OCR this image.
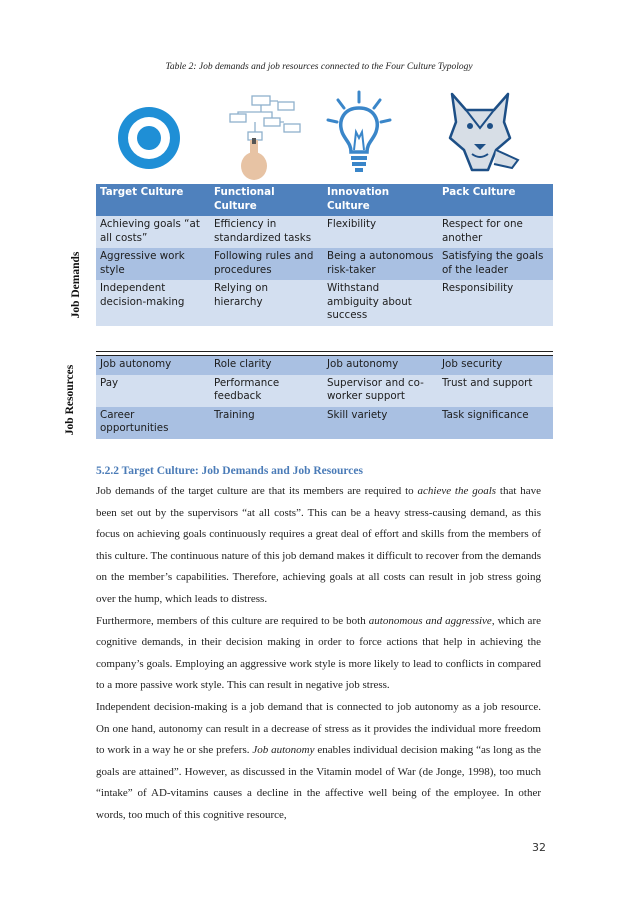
Table 2: Job demands and job resources connected to the Four Culture Typology
Target Culture	Functional Culture	Innovation Culture	Pack Culture
Achieving goals “at all costs”	Efficiency in standardized tasks	Flexibility	Respect for one another
Aggressive work style	Following rules and procedures	Being a autonomous risk-taker	Satisfying the goals of the leader
Independent decision-making	Relying on hierarchy	Withstand ambiguity about success	Responsibility
Job autonomy	Role clarity	Job autonomy	Job security
Pay	Performance feedback	Supervisor and co-worker support	Trust and support
Career opportunities	Training	Skill variety	Task significance
Job Demands
Job Resources
5.2.2 Target Culture: Job Demands and Job Resources

Job demands of the target culture are that its members are required to achieve the goals that have been set out by the supervisors “at all costs”. This can be a heavy stress-causing demand, as this focus on achieving goals continuously requires a great deal of effort and skills from the members of this culture. The continuous nature of this job demand makes it difficult to recover from the demands on the member’s capabilities. Therefore, achieving goals at all costs can result in job stress going over the hump, which leads to distress.

Furthermore, members of this culture are required to be both autonomous and aggressive, which are cognitive demands, in their decision making in order to force actions that help in achieving the company’s goals. Employing an aggressive work style is more likely to lead to conflicts in compared to a more passive work style. This can result in negative job stress.

Independent decision-making is a job demand that is connected to job autonomy as a job resource. On one hand, autonomy can result in a decrease of stress as it provides the individual more freedom to work in a way he or she prefers. Job autonomy enables individual decision making “as long as the goals are attained”. However, as discussed in the Vitamin model of War (de Jonge, 1998), too much “intake” of AD-vitamins causes a decline in the affective well being of the employee. In other words, too much of this cognitive resource,

32
